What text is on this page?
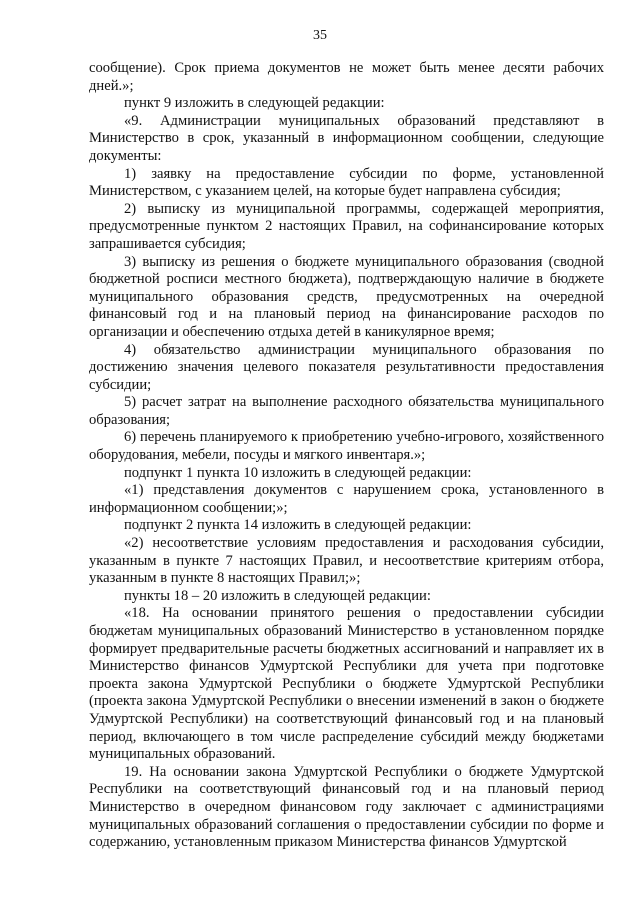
35

сообщение). Срок приема документов не может быть менее десяти рабочих дней.»;

пункт 9 изложить в следующей редакции:

«9. Администрации муниципальных образований представляют в Министерство в срок, указанный в информационном сообщении, следующие документы:

1) заявку на предоставление субсидии по форме, установленной Министерством, с указанием целей, на которые будет направлена субсидия;

2) выписку из муниципальной программы, содержащей мероприятия, предусмотренные пунктом 2 настоящих Правил, на софинансирование которых запрашивается субсидия;

3) выписку из решения о бюджете муниципального образования (сводной бюджетной росписи местного бюджета), подтверждающую наличие в бюджете муниципального образования средств, предусмотренных на очередной финансовый год и на плановый период на финансирование расходов по организации и обеспечению отдыха детей в каникулярное время;

4) обязательство администрации муниципального образования по достижению значения целевого показателя результативности предоставления субсидии;

5) расчет затрат на выполнение расходного обязательства муниципального образования;

6) перечень планируемого к приобретению учебно-игрового, хозяйственного оборудования, мебели, посуды и мягкого инвентаря.»;

подпункт 1 пункта 10 изложить в следующей редакции:

«1) представления документов с нарушением срока, установленного в информационном сообщении;»;

подпункт 2 пункта 14 изложить в следующей редакции:

«2) несоответствие условиям предоставления и расходования субсидии, указанным в пункте 7 настоящих Правил, и несоответствие критериям отбора, указанным в пункте 8 настоящих Правил;»;

пункты 18 – 20 изложить в следующей редакции:

«18. На основании принятого решения о предоставлении субсидии бюджетам муниципальных образований Министерство в установленном порядке формирует предварительные расчеты бюджетных ассигнований и направляет их в Министерство финансов Удмуртской Республики для учета при подготовке проекта закона Удмуртской Республики о бюджете Удмуртской Республики (проекта закона Удмуртской Республики о внесении изменений в закон о бюджете Удмуртской Республики) на соответствующий финансовый год и на плановый период, включающего в том числе распределение субсидий между бюджетами муниципальных образований.

19. На основании закона Удмуртской Республики о бюджете Удмуртской Республики на соответствующий финансовый год и на плановый период Министерство в очередном финансовом году заключает с администрациями муниципальных образований соглашения о предоставлении субсидии по форме и содержанию, установленным приказом Министерства финансов Удмуртской
